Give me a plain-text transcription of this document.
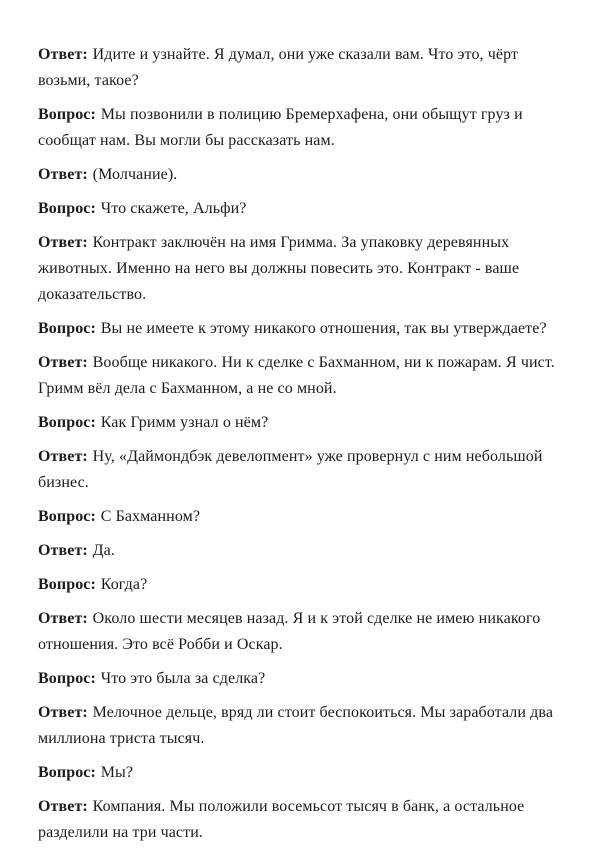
Ответ: Идите и узнайте. Я думал, они уже сказали вам. Что это, чёрт возьми, такое?

Вопрос: Мы позвонили в полицию Бремерхафена, они обыщут груз и сообщат нам. Вы могли бы рассказать нам.

Ответ: (Молчание).

Вопрос: Что скажете, Альфи?

Ответ: Контракт заключён на имя Гримма. За упаковку деревянных животных. Именно на него вы должны повесить это. Контракт - ваше доказательство.

Вопрос: Вы не имеете к этому никакого отношения, так вы утверждаете?

Ответ: Вообще никакого. Ни к сделке с Бахманном, ни к пожарам. Я чист. Гримм вёл дела с Бахманном, а не со мной.

Вопрос: Как Гримм узнал о нём?

Ответ: Ну, «Даймондбэк девелопмент» уже провернул с ним небольшой бизнес.

Вопрос: С Бахманном?

Ответ: Да.

Вопрос: Когда?

Ответ: Около шести месяцев назад. Я и к этой сделке не имею никакого отношения. Это всё Робби и Оскар.

Вопрос: Что это была за сделка?

Ответ: Мелочное дельце, вряд ли стоит беспокоиться. Мы заработали два миллиона триста тысяч.

Вопрос: Мы?

Ответ: Компания. Мы положили восемьсот тысяч в банк, а остальное разделили на три части.
